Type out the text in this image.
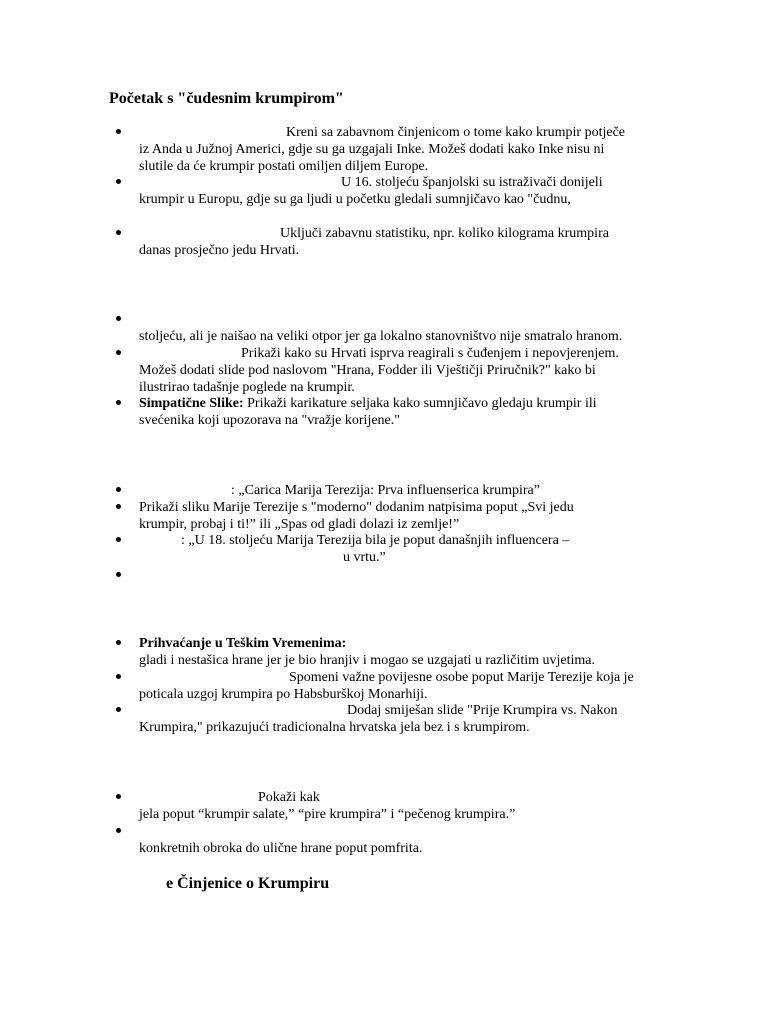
Početak s "čudesnim krumpirom"
Kreni sa zabavnom činjenicom o tome kako krumpir potječe
iz Anda u Južnoj Americi, gdje su ga uzgajali Inke. Možeš dodati kako Inke nisu ni
slutile da će krumpir postati omiljen diljem Europe.
U 16. stoljeću španjolski su istraživači donijeli
krumpir u Europu, gdje su ga ljudi u početku gledali sumnjičavo kao "čudnu,
Uključi zabavnu statistiku, npr. koliko kilograma krumpira
danas prosječno jedu Hrvati.
stoljeću, ali je naišao na veliki otpor jer ga lokalno stanovništvo nije smatralo hranom.
Prikaži kako su Hrvati isprva reagirali s čuđenjem i nepovjerenjem.
Možeš dodati slide pod naslovom "Hrana, Fodder ili Vještičji Priručnik?" kako bi
ilustrirao tadašnje poglede na krumpir.
Simpatične Slike: Prikaži karikature seljaka kako sumnjičavo gledaju krumpir ili
svećenika koji upozorava na "vražje korijene."
: „Carica Marija Terezija: Prva influenserica krumpira”
Prikaži sliku Marije Terezije s "moderno" dodanim natpisima poput „Svi jedu
krumpir, probaj i ti!” ili „Spas od gladi dolazi iz zemlje!”
: „U 18. stoljeću Marija Terezija bila je poput današnjih influencera –
u vrtu.”
Prihvaćanje u Teškim Vremenima:
gladi i nestašica hrane jer je bio hranjiv i mogao se uzgajati u različitim uvjetima.
Spomeni važne povijesne osobe poput Marije Terezije koja je
poticala uzgoj krumpira po Habsburškoj Monarhiji.
Dodaj smiješan slide "Prije Krumpira vs. Nakon
Krumpira," prikazujući tradicionalna hrvatska jela bez i s krumpirom.
Pokaži kak
jela poput “krumpir salate,” “pire krumpira” i “pečenog krumpira.”
konkretnih obroka do ulične hrane poput pomfrita.
e Činjenice o Krumpiru
